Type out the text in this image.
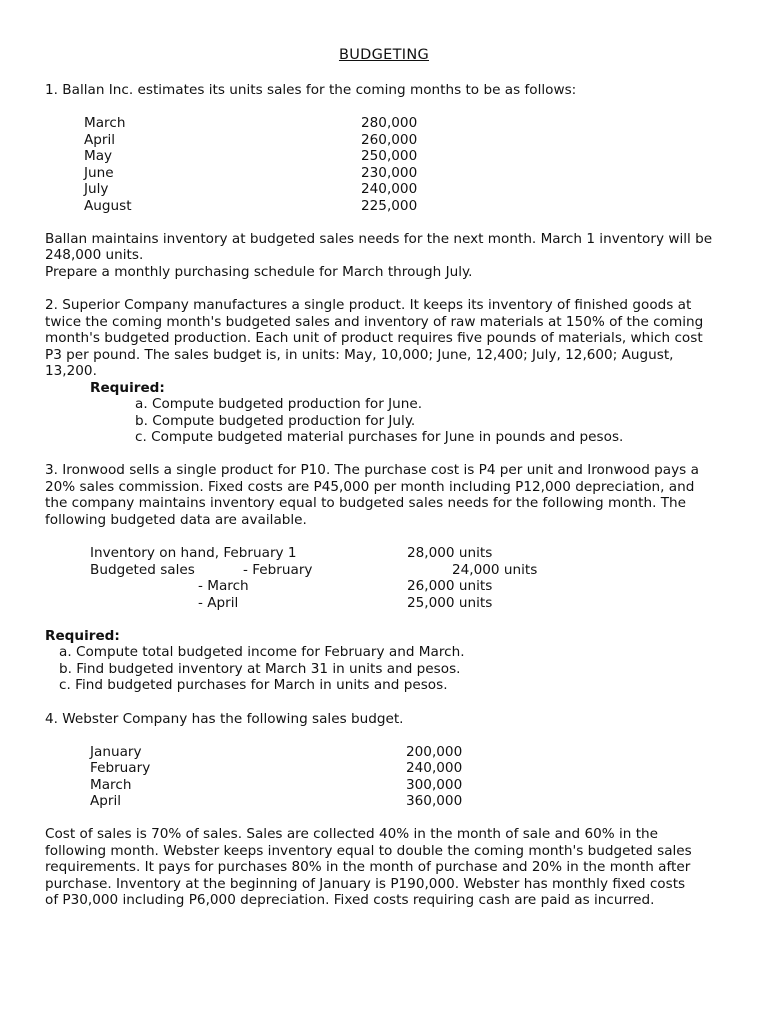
BUDGETING
1. Ballan Inc. estimates its units sales for the coming months to be as follows:
March	280,000
April	260,000
May	250,000
June	230,000
July	240,000
August	225,000
Ballan maintains inventory at budgeted sales needs for the next month. March 1 inventory will be
248,000 units.
Prepare a monthly purchasing schedule for March through July.
2. Superior Company manufactures a single product. It keeps its inventory of finished goods at
twice the coming month's budgeted sales and inventory of raw materials at 150% of the coming
month's budgeted production. Each unit of product requires five pounds of materials, which cost
P3 per pound. The sales budget is, in units: May, 10,000; June, 12,400; July, 12,600; August,
13,200.
Required:
a. Compute budgeted production for June.
b. Compute budgeted production for July.
c. Compute budgeted material purchases for June in pounds and pesos.
3. Ironwood sells a single product for P10. The purchase cost is P4 per unit and Ironwood pays a
20% sales commission. Fixed costs are P45,000 per month including P12,000 depreciation, and
the company maintains inventory equal to budgeted sales needs for the following month. The
following budgeted data are available.
Inventory on hand, February 1	28,000 units
Budgeted sales	- February	24,000 units
- March	26,000 units
- April	25,000 units
Required:
a. Compute total budgeted income for February and March.
b. Find budgeted inventory at March 31 in units and pesos.
c. Find budgeted purchases for March in units and pesos.
4. Webster Company has the following sales budget.
January	200,000
February	240,000
March	300,000
April	360,000
Cost of sales is 70% of sales. Sales are collected 40% in the month of sale and 60% in the
following month. Webster keeps inventory equal to double the coming month's budgeted sales
requirements. It pays for purchases 80% in the month of purchase and 20% in the month after
purchase. Inventory at the beginning of January is P190,000. Webster has monthly fixed costs
of P30,000 including P6,000 depreciation. Fixed costs requiring cash are paid as incurred.
